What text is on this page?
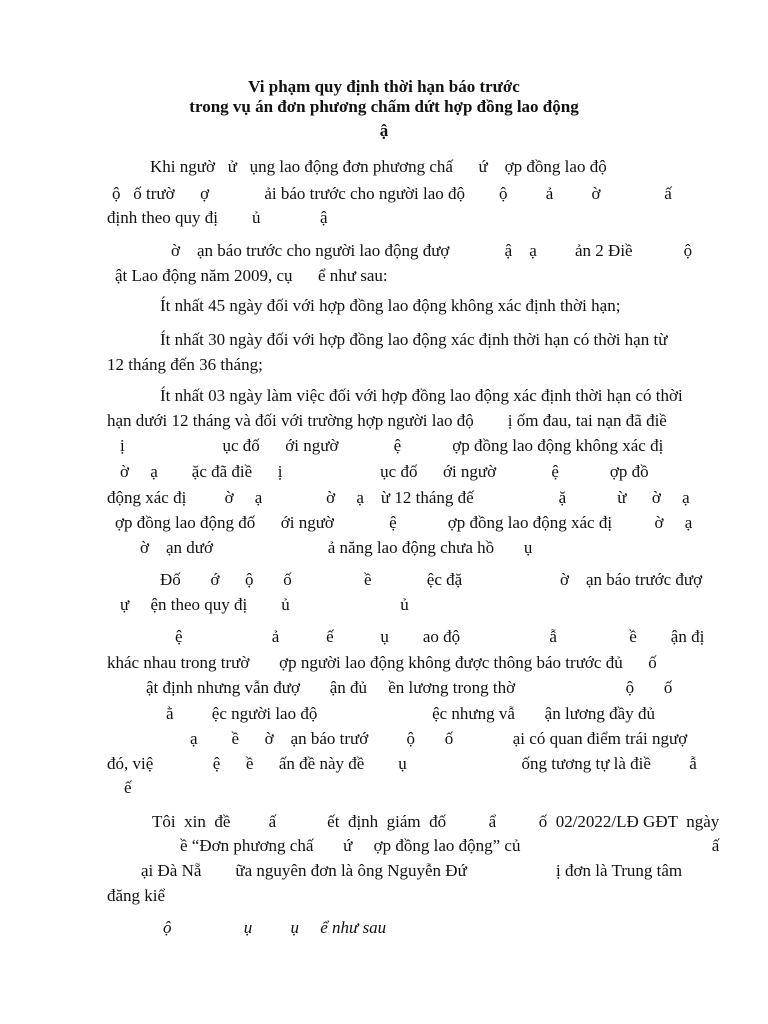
Vi phạm quy định thời hạn báo trước
trong vụ án đơn phương chấm dứt hợp đồng lao động
ậ
Khi ngườ   ử   ụng lao động đơn phương chấ      ứ    ợp đồng lao độ
ộ   ố trườ      ợ             ải báo trước cho người lao độ        ộ         ả         ờ               ấ
định theo quy đị        ủ              ậ
ờ    ạn báo trước cho người lao động đượ             ậ    ạ         ản 2 Điề            ộ
ật Lao động năm 2009, cụ      ể như sau:
Ít nhất 45 ngày đối với hợp đồng lao động không xác định thời hạn;
Ít nhất 30 ngày đối với hợp đồng lao động xác định thời hạn có thời hạn từ
12 tháng đến 36 tháng;
Ít nhất 03 ngày làm việc đối với hợp đồng lao động xác định thời hạn có thời
hạn dưới 12 tháng và đối với trường hợp người lao độ        ị ốm đau, tai nạn đã điề
ị                       ục đố      ới ngườ             ệ            ợp đồng lao động không xác đị
ờ     ạ        ặc đã điề      ị                       ục đố      ới ngườ             ệ            ợp đồ
động xác đị         ờ     ạ               ờ     ạ    ừ 12 tháng đế                    ặ            ừ      ờ     ạ
ợp đồng lao động đố      ới ngườ             ệ            ợp đồng lao động xác đị          ờ     ạ
ờ    ạn dướ                           ả năng lao động chưa hồ       ụ
Đố       ớ      ộ       ố                 ề             ệc đặ                       ờ    ạn báo trước đượ
ự     ện theo quy đị        ủ                          ủ
ệ                     ả           ế           ụ        ao độ                     ẫ                 ề        ận đị
khác nhau trong trườ       ợp người lao động không được thông báo trước đủ      ố
ật định nhưng vẫn đượ       ận đủ     ền lương trong thờ                          ộ       ố
ằ         ệc người lao độ                           ệc nhưng vẫ       ận lương đầy đủ
ạ        ề      ờ    ạn báo trướ         ộ       ố              ại có quan điểm trái ngượ
đó, việ              ệ      ề      ấn đề này đề        ụ                           ống tương tự là điề         ẫ
ế
Tôi  xin  đề         ấ            ết  định  giám  đố          ẩ          ố  02/2022/LĐ GĐT  ngày
ề “Đơn phương chấ       ứ     ợp đồng lao động” củ                                             ấ
ại Đà Nẵ        ữa nguyên đơn là ông Nguyễn Đứ                     ị đơn là Trung tâm
đăng kiể
ộ                 ụ         ụ     ể như sau
